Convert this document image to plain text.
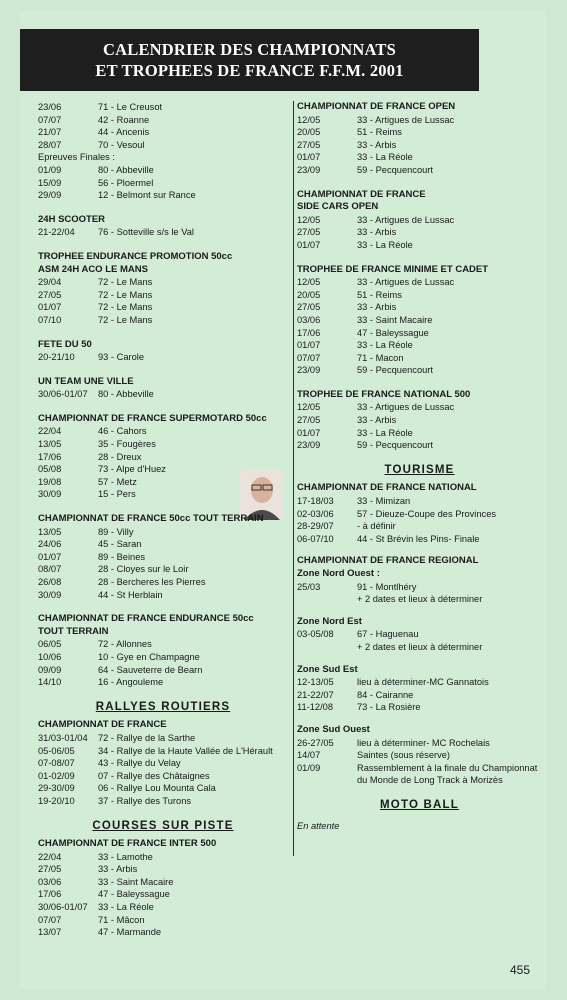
CALENDRIER DES CHAMPIONNATS
ET TROPHEES DE FRANCE F.F.M. 2001
23/06	71 - Le Creusot
07/07	42 - Roanne
21/07	44 - Ancenis
28/07	70 - Vesoul
Epreuves Finales :
01/09	80 - Abbeville
15/09	56 - Ploermel
29/09	12 - Belmont sur Rance
24H SCOOTER
21-22/04	76 - Sotteville s/s le Val
TROPHEE ENDURANCE PROMOTION 50cc
ASM 24H ACO LE MANS
29/04	72 - Le Mans
27/05	72 - Le Mans
01/07	72 - Le Mans
07/10	72 - Le Mans
FETE DU 50
20-21/10	93 - Carole
UN TEAM UNE VILLE
30/06-01/07	80 - Abbeville
CHAMPIONNAT DE FRANCE SUPERMOTARD 50cc
22/04	46 - Cahors
13/05	35 - Fougères
17/06	28 - Dreux
05/08	73 - Alpe d'Huez
19/08	57 - Metz
30/09	15 - Pers
CHAMPIONNAT DE FRANCE 50cc TOUT TERRAIN
13/05	89 - Villy
24/06	45 - Saran
01/07	89 - Beines
08/07	28 - Cloyes sur le Loir
26/08	28 - Bercheres les Pierres
30/09	44 - St Herblain
CHAMPIONNAT DE FRANCE ENDURANCE 50cc
TOUT TERRAIN
06/05	72 - Allonnes
10/06	10 - Gye en Champagne
09/09	64 - Sauveterre de Bearn
14/10	16 - Angouleme
RALLYES ROUTIERS
CHAMPIONNAT DE FRANCE
31/03-01/04	72 - Rallye de la Sarthe
05-06/05	34 - Rallye de la Haute Vallée de L'Hérault
07-08/07	43 - Rallye du Velay
01-02/09	07 - Rallye des Châtaignes
29-30/09	06 - Rallye Lou Mounta Cala
19-20/10	37 - Rallye des Turons
COURSES SUR PISTE
CHAMPIONNAT DE FRANCE INTER 500
22/04	33 - Lamothe
27/05	33 - Arbis
03/06	33 - Saint Macaire
17/06	47 - Baleyssague
30/06-01/07	33 - La Réole
07/07	71 - Mâcon
13/07	47 - Marmande
CHAMPIONNAT DE FRANCE OPEN
12/05	33 - Artigues de Lussac
20/05	51 - Reims
27/05	33 - Arbis
01/07	33 - La Réole
23/09	59 - Pecquencourt
CHAMPIONNAT DE FRANCE
SIDE CARS OPEN
12/05	33 - Artigues de Lussac
27/05	33 - Arbis
01/07	33 - La Réole
TROPHEE DE FRANCE MINIME ET CADET
12/05	33 - Artigues de Lussac
20/05	51 - Reims
27/05	33 - Arbis
03/06	33 - Saint Macaire
17/06	47 - Baleyssague
01/07	33 - La Réole
07/07	71 - Macon
23/09	59 - Pecquencourt
TROPHEE DE FRANCE NATIONAL 500
12/05	33 - Artigues de Lussac
27/05	33 - Arbis
01/07	33 - La Réole
23/09	59 - Pecquencourt
TOURISME
CHAMPIONNAT DE FRANCE NATIONAL
17-18/03	33 - Mimizan
02-03/06	57 - Dieuze-Coupe des Provinces
28-29/07	- à définir
06-07/10	44 - St Brévin les Pins- Finale
CHAMPIONNAT DE FRANCE REGIONAL
Zone Nord Ouest :
25/03	91 - Montlhéry
+ 2 dates et lieux à déterminer
Zone Nord Est
03-05/08	67 - Haguenau
+ 2 dates et lieux à déterminer
Zone Sud Est
12-13/05	lieu à déterminer-MC Gannatois
21-22/07	84 - Cairanne
11-12/08	73 - La Rosière
Zone Sud Ouest
26-27/05	lieu à déterminer- MC Rochelais
14/07	Saintes (sous réserve)
01/09	Rassemblement à la finale du Championnat du Monde de Long Track à Morizès
MOTO BALL
En attente
455
